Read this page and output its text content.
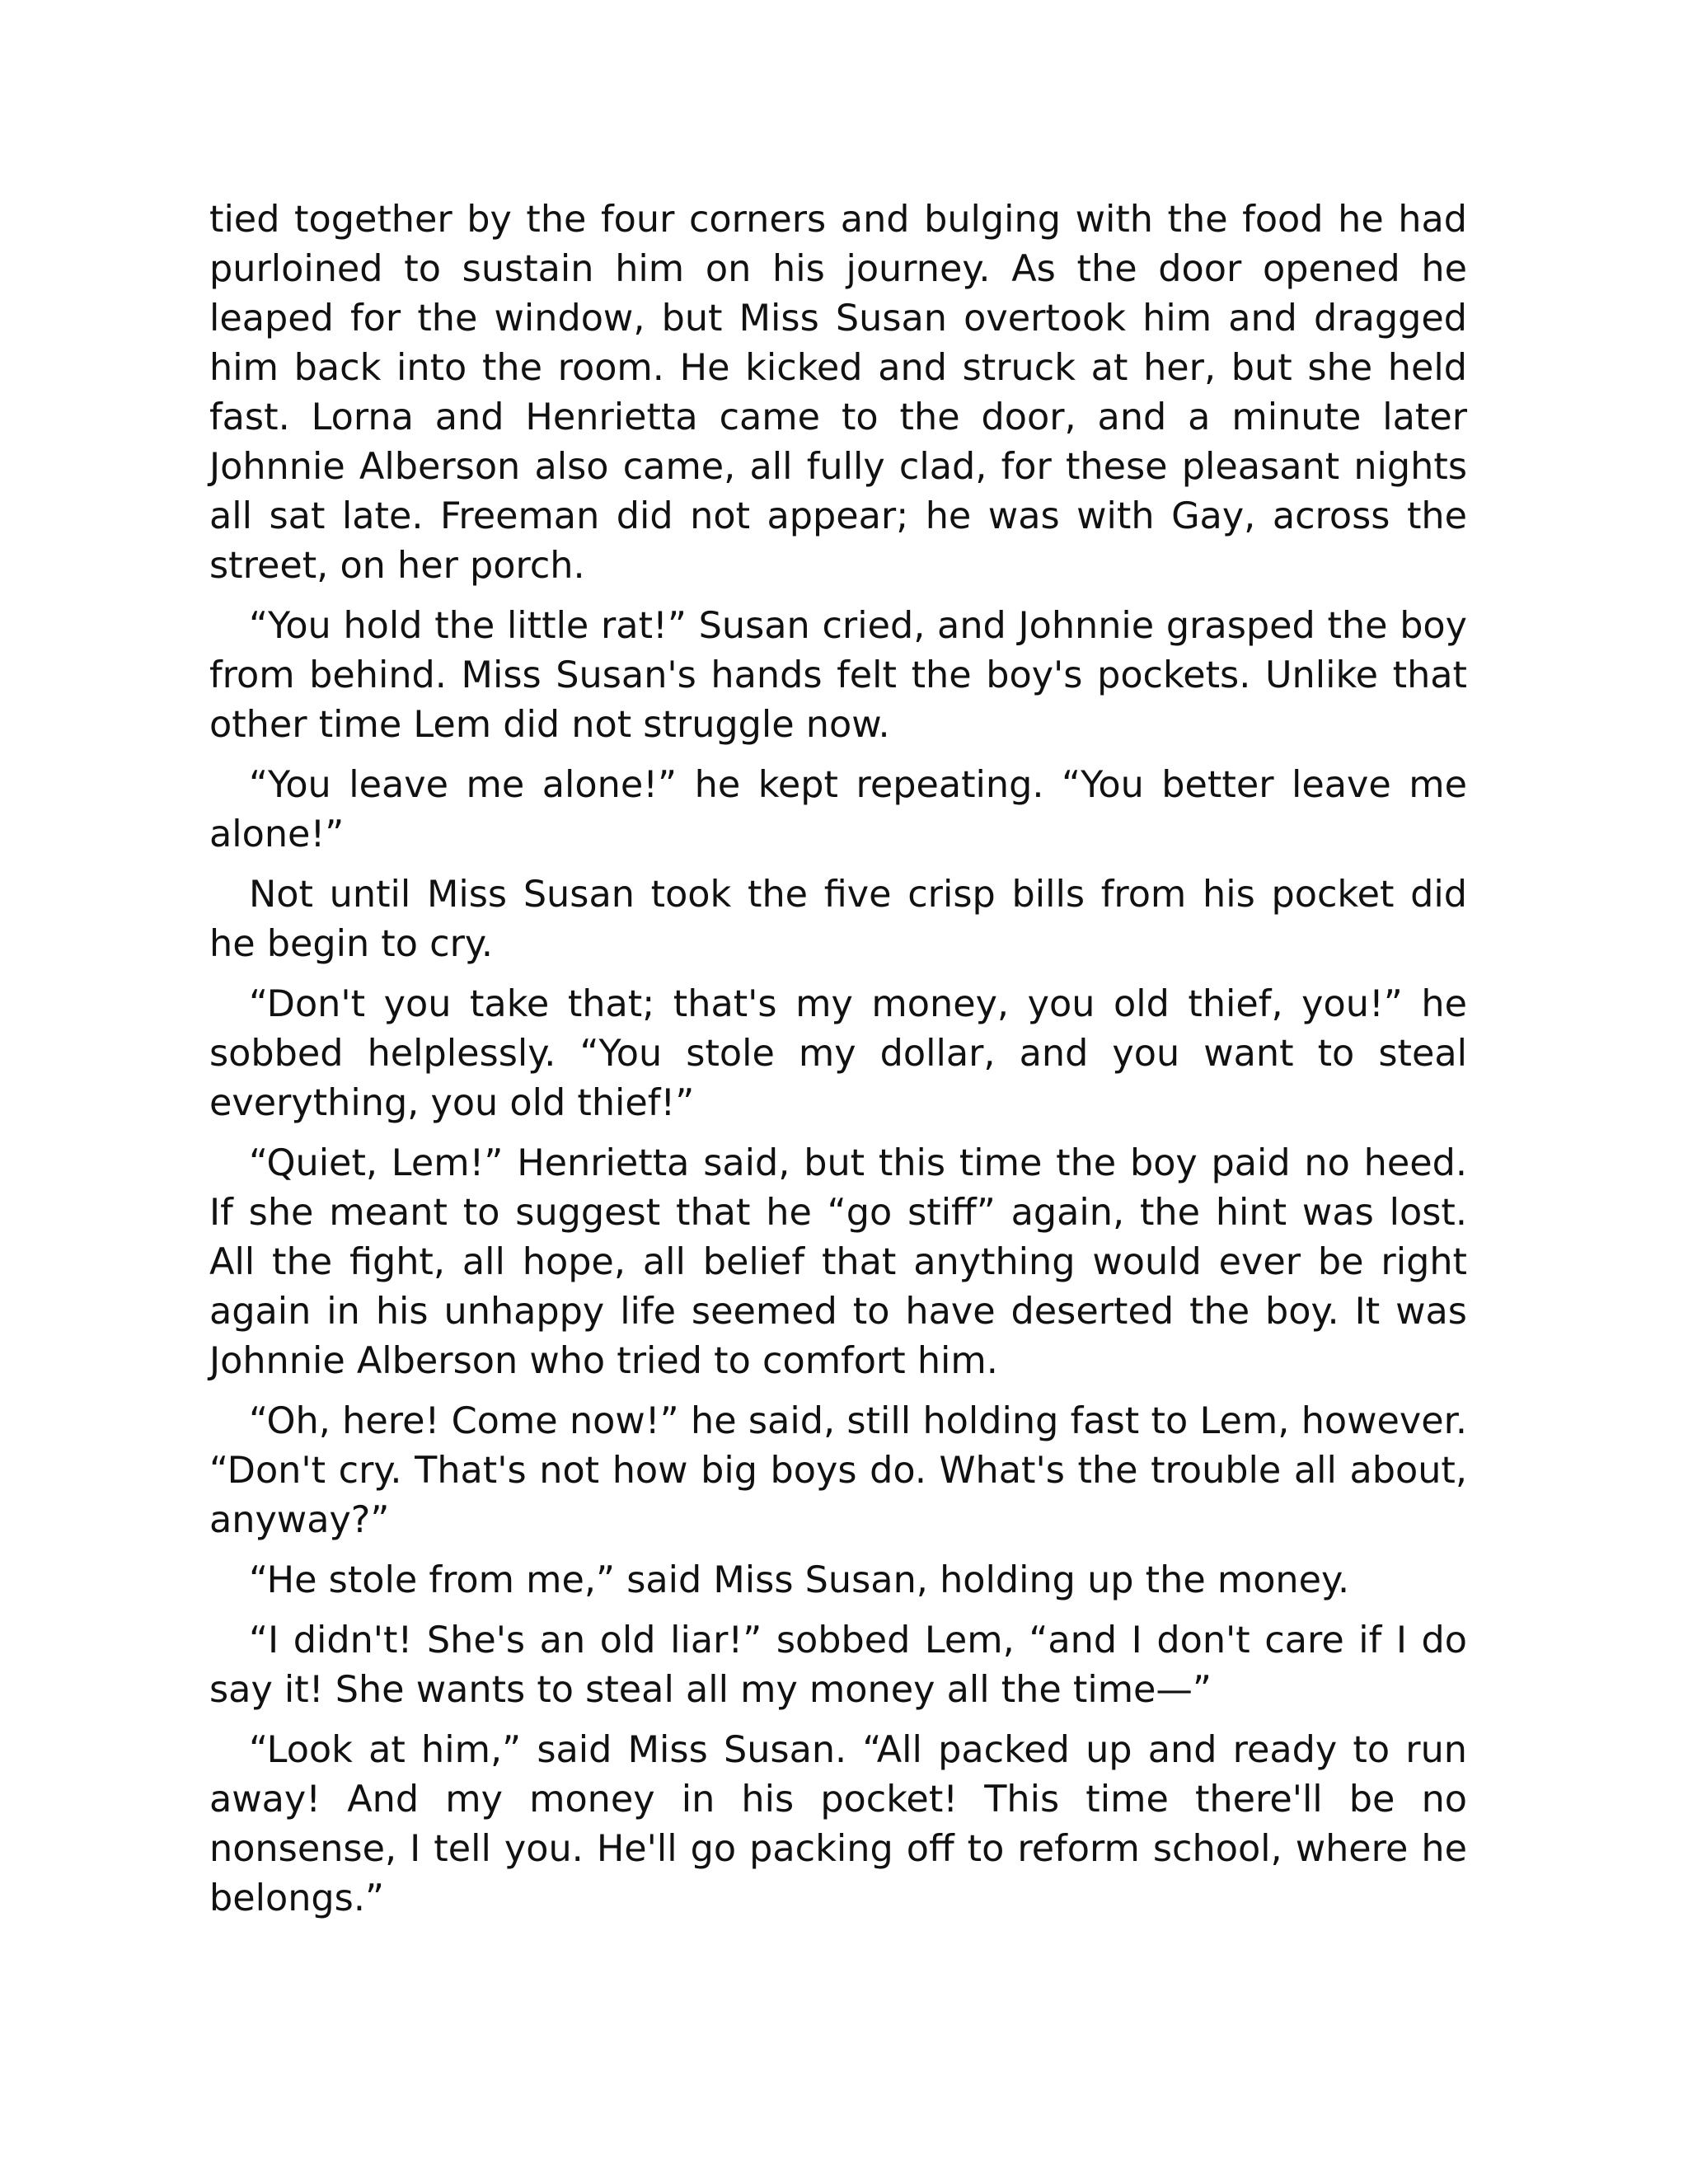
tied together by the four corners and bulging with the food he had purloined to sustain him on his journey. As the door opened he leaped for the window, but Miss Susan overtook him and dragged him back into the room. He kicked and struck at her, but she held fast. Lorna and Henrietta came to the door, and a minute later Johnnie Alberson also came, all fully clad, for these pleasant nights all sat late. Freeman did not appear; he was with Gay, across the street, on her porch.

“You hold the little rat!” Susan cried, and Johnnie grasped the boy from behind. Miss Susan's hands felt the boy's pockets. Unlike that other time Lem did not struggle now.

“You leave me alone!” he kept repeating. “You better leave me alone!”

Not until Miss Susan took the five crisp bills from his pocket did he begin to cry.

“Don't you take that; that's my money, you old thief, you!” he sobbed helplessly. “You stole my dollar, and you want to steal everything, you old thief!”

“Quiet, Lem!” Henrietta said, but this time the boy paid no heed. If she meant to suggest that he “go stiff” again, the hint was lost. All the fight, all hope, all belief that anything would ever be right again in his unhappy life seemed to have deserted the boy. It was Johnnie Alberson who tried to comfort him.

“Oh, here! Come now!” he said, still holding fast to Lem, however. “Don't cry. That's not how big boys do. What's the trouble all about, anyway?”

“He stole from me,” said Miss Susan, holding up the money.

“I didn't! She's an old liar!” sobbed Lem, “and I don't care if I do say it! She wants to steal all my money all the time—”

“Look at him,” said Miss Susan. “All packed up and ready to run away! And my money in his pocket! This time there'll be no nonsense, I tell you. He'll go packing off to reform school, where he belongs.”
